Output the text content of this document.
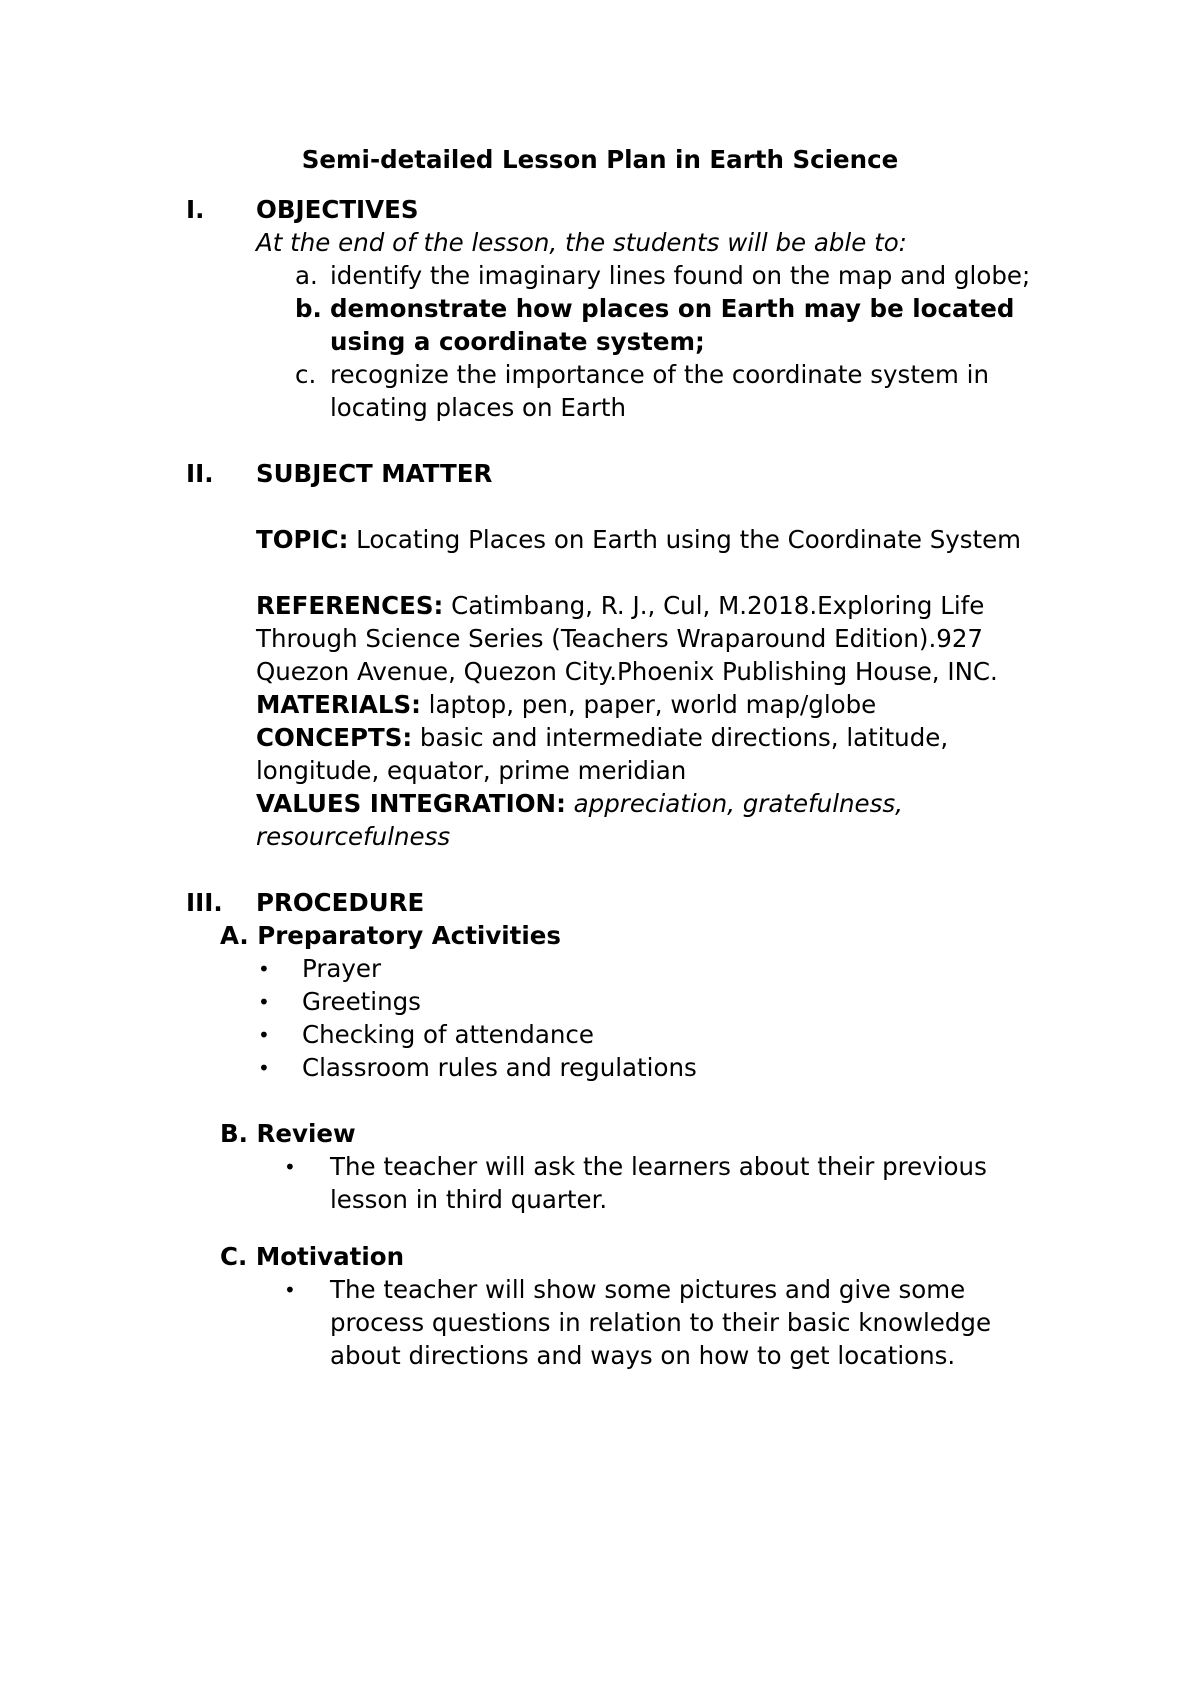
Semi-detailed Lesson Plan in Earth Science
I. OBJECTIVES
At the end of the lesson, the students will be able to:
a. identify the imaginary lines found on the map and globe;
b. demonstrate how places on Earth may be located
using a coordinate system;
c. recognize the importance of the coordinate system in
locating places on Earth
II. SUBJECT MATTER
TOPIC: Locating Places on Earth using the Coordinate System
REFERENCES: Catimbang, R. J., Cul, M.2018.Exploring Life
Through Science Series (Teachers Wraparound Edition).927
Quezon Avenue, Quezon City.Phoenix Publishing House, INC.
MATERIALS: laptop, pen, paper, world map/globe
CONCEPTS: basic and intermediate directions, latitude,
longitude, equator, prime meridian
VALUES INTEGRATION: appreciation, gratefulness,
resourcefulness
III. PROCEDURE
A. Preparatory Activities
• Prayer
• Greetings
• Checking of attendance
• Classroom rules and regulations
B. Review
• The teacher will ask the learners about their previous
lesson in third quarter.
C. Motivation
• The teacher will show some pictures and give some
process questions in relation to their basic knowledge
about directions and ways on how to get locations.
